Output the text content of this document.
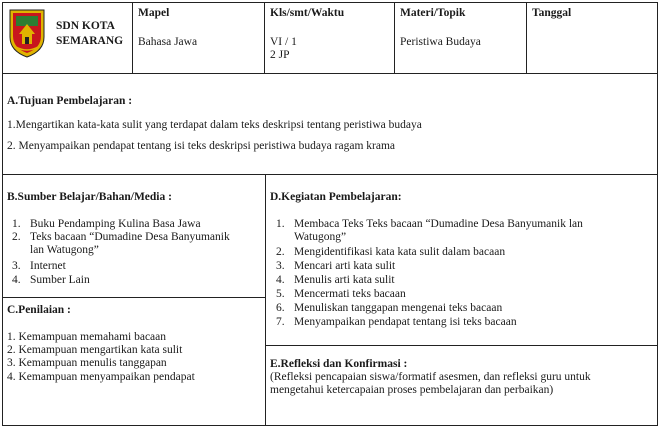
SDN KOTA
SEMARANG
Mapel
Bahasa Jawa
Kls/smt/Waktu
VI / 1
2 JP
Materi/Topik
Peristiwa Budaya
Tanggal
A.Tujuan Pembelajaran :
1.Mengartikan kata-kata sulit yang terdapat dalam teks deskripsi tentang peristiwa budaya
2. Menyampaikan pendapat tentang isi teks deskripsi peristiwa budaya ragam krama
B.Sumber Belajar/Bahan/Media :
1. Buku Pendamping Kulina Basa Jawa
2. Teks bacaan “Dumadine Desa Banyumanik
lan Watugong”
3. Internet
4. Sumber Lain
C.Penilaian :
1. Kemampuan memahami bacaan
2. Kemampuan mengartikan kata sulit
3. Kemampuan menulis tanggapan
4. Kemampuan menyampaikan pendapat
D.Kegiatan Pembelajaran:
1. Membaca Teks Teks bacaan “Dumadine Desa Banyumanik lan
Watugong”
2. Mengidentifikasi kata kata sulit dalam bacaan
3. Mencari arti kata sulit
4. Menulis arti kata sulit
5. Mencermati teks bacaan
6. Menuliskan tanggapan mengenai teks bacaan
7. Menyampaikan pendapat tentang isi teks bacaan
E.Refleksi dan Konfirmasi :
(Refleksi pencapaian siswa/formatif asesmen, dan refleksi guru untuk
mengetahui ketercapaian proses pembelajaran dan perbaikan)
